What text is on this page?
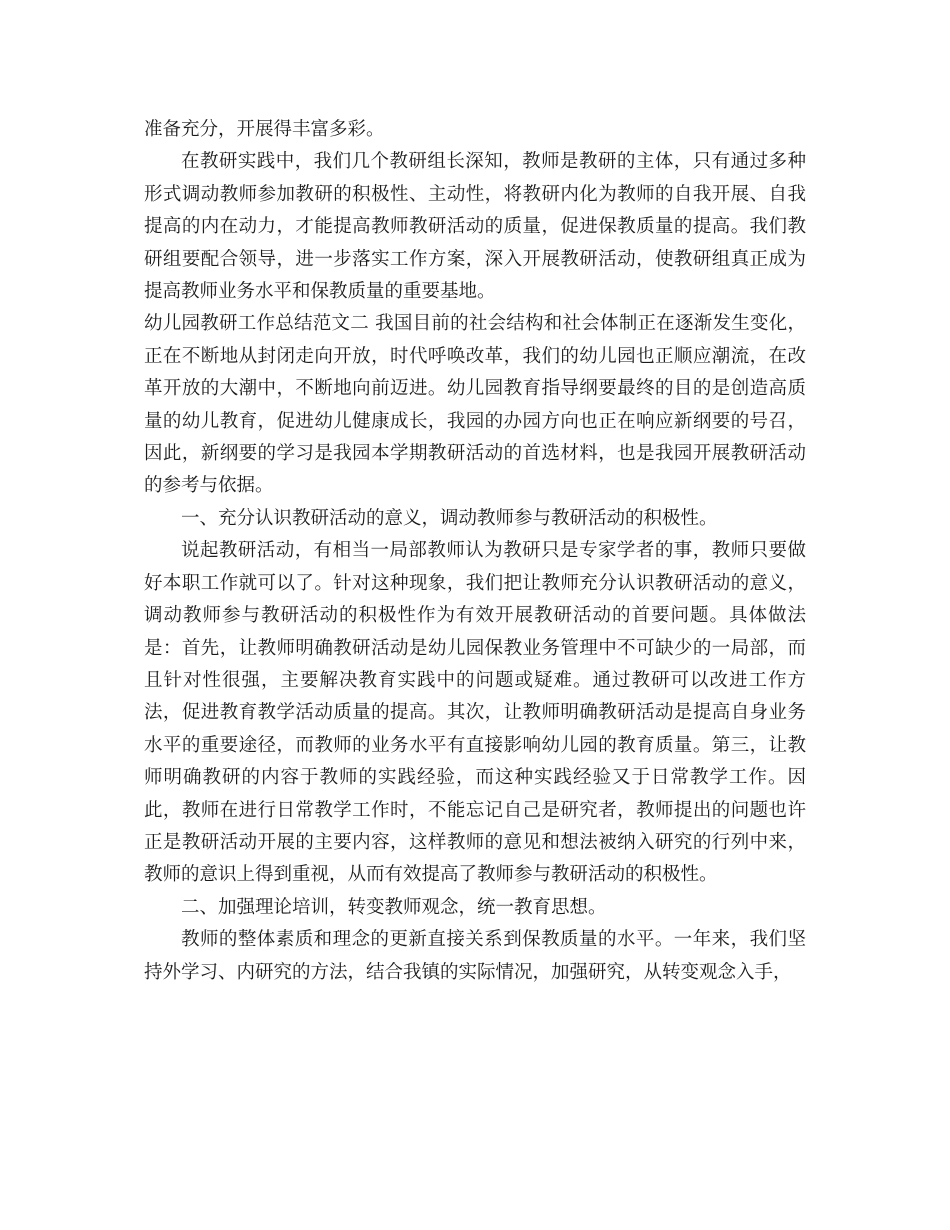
准备充分，开展得丰富多彩。

在教研实践中，我们几个教研组长深知，教师是教研的主体，只有通过多种形式调动教师参加教研的积极性、主动性，将教研内化为教师的自我开展、自我提高的内在动力，才能提高教师教研活动的质量，促进保教质量的提高。我们教研组要配合领导，进一步落实工作方案，深入开展教研活动，使教研组真正成为提高教师业务水平和保教质量的重要基地。

幼儿园教研工作总结范文二 我国目前的社会结构和社会体制正在逐渐发生变化，正在不断地从封闭走向开放，时代呼唤改革，我们的幼儿园也正顺应潮流，在改革开放的大潮中，不断地向前迈进。幼儿园教育指导纲要最终的目的是创造高质量的幼儿教育，促进幼儿健康成长，我园的办园方向也正在响应新纲要的号召，因此，新纲要的学习是我园本学期教研活动的首选材料，也是我园开展教研活动的参考与依据。

一、充分认识教研活动的意义，调动教师参与教研活动的积极性。

说起教研活动，有相当一局部教师认为教研只是专家学者的事，教师只要做好本职工作就可以了。针对这种现象，我们把让教师充分认识教研活动的意义，调动教师参与教研活动的积极性作为有效开展教研活动的首要问题。具体做法是：首先，让教师明确教研活动是幼儿园保教业务管理中不可缺少的一局部，而且针对性很强，主要解决教育实践中的问题或疑难。通过教研可以改进工作方法，促进教育教学活动质量的提高。其次，让教师明确教研活动是提高自身业务水平的重要途径，而教师的业务水平有直接影响幼儿园的教育质量。第三，让教师明确教研的内容于教师的实践经验，而这种实践经验又于日常教学工作。因此，教师在进行日常教学工作时，不能忘记自己是研究者，教师提出的问题也许正是教研活动开展的主要内容，这样教师的意见和想法被纳入研究的行列中来，教师的意识上得到重视，从而有效提高了教师参与教研活动的积极性。

二、加强理论培训，转变教师观念，统一教育思想。

教师的整体素质和理念的更新直接关系到保教质量的水平。一年来，我们坚持外学习、内研究的方法，结合我镇的实际情况，加强研究，从转变观念入手，
